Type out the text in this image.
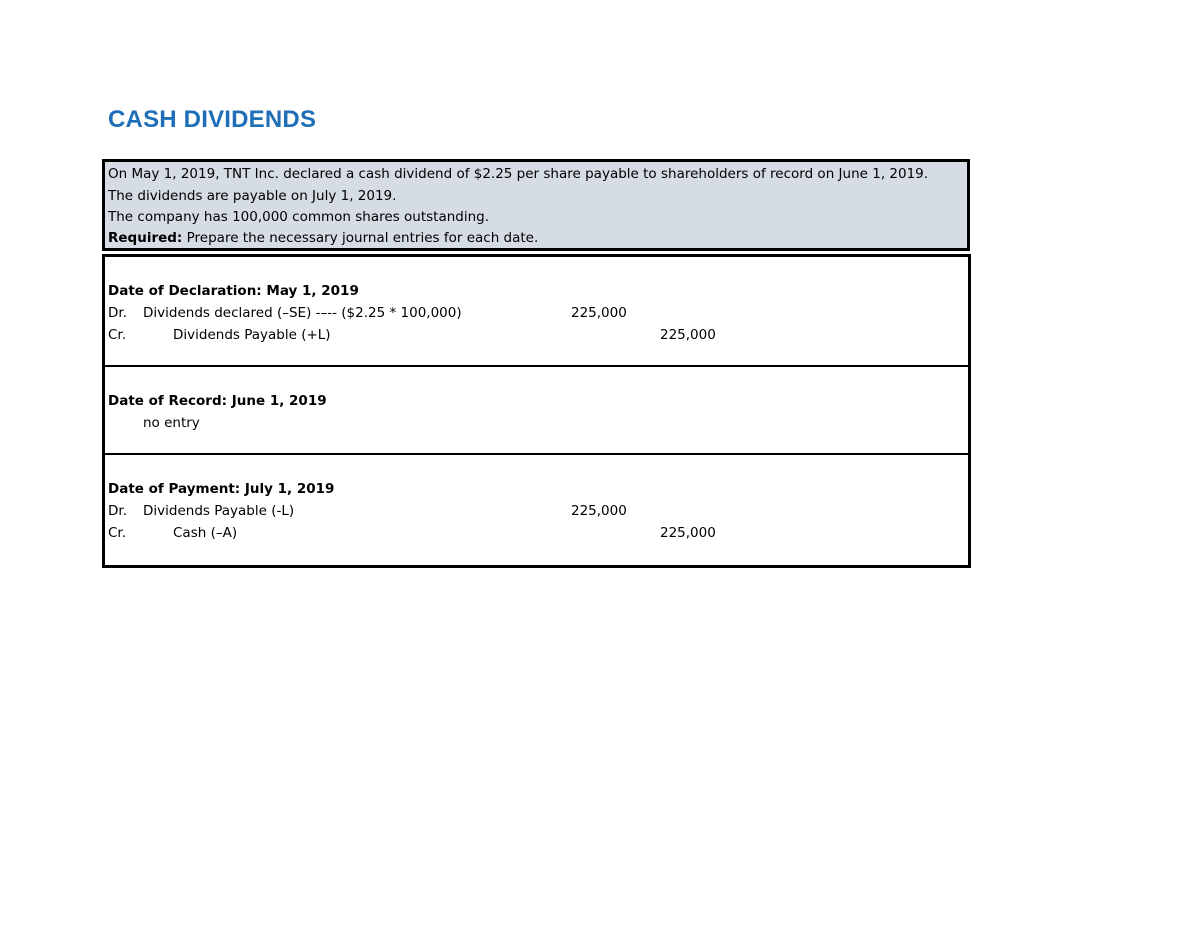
CASH DIVIDENDS
On May 1, 2019, TNT Inc. declared a cash dividend of $2.25 per share payable to shareholders of record on June 1, 2019.
The dividends are payable on July 1, 2019.
The company has 100,000 common shares outstanding.
Required: Prepare the necessary journal entries for each date.
Date of Declaration: May 1, 2019
Dr. Dividends declared (–SE) -–-- ($2.25 * 100,000)	225,000
Cr.	Dividends Payable (+L)	225,000
Date of Record: June 1, 2019
no entry
Date of Payment: July 1, 2019
Dr. Dividends Payable (-L)	225,000
Cr.	Cash (–A)	225,000
